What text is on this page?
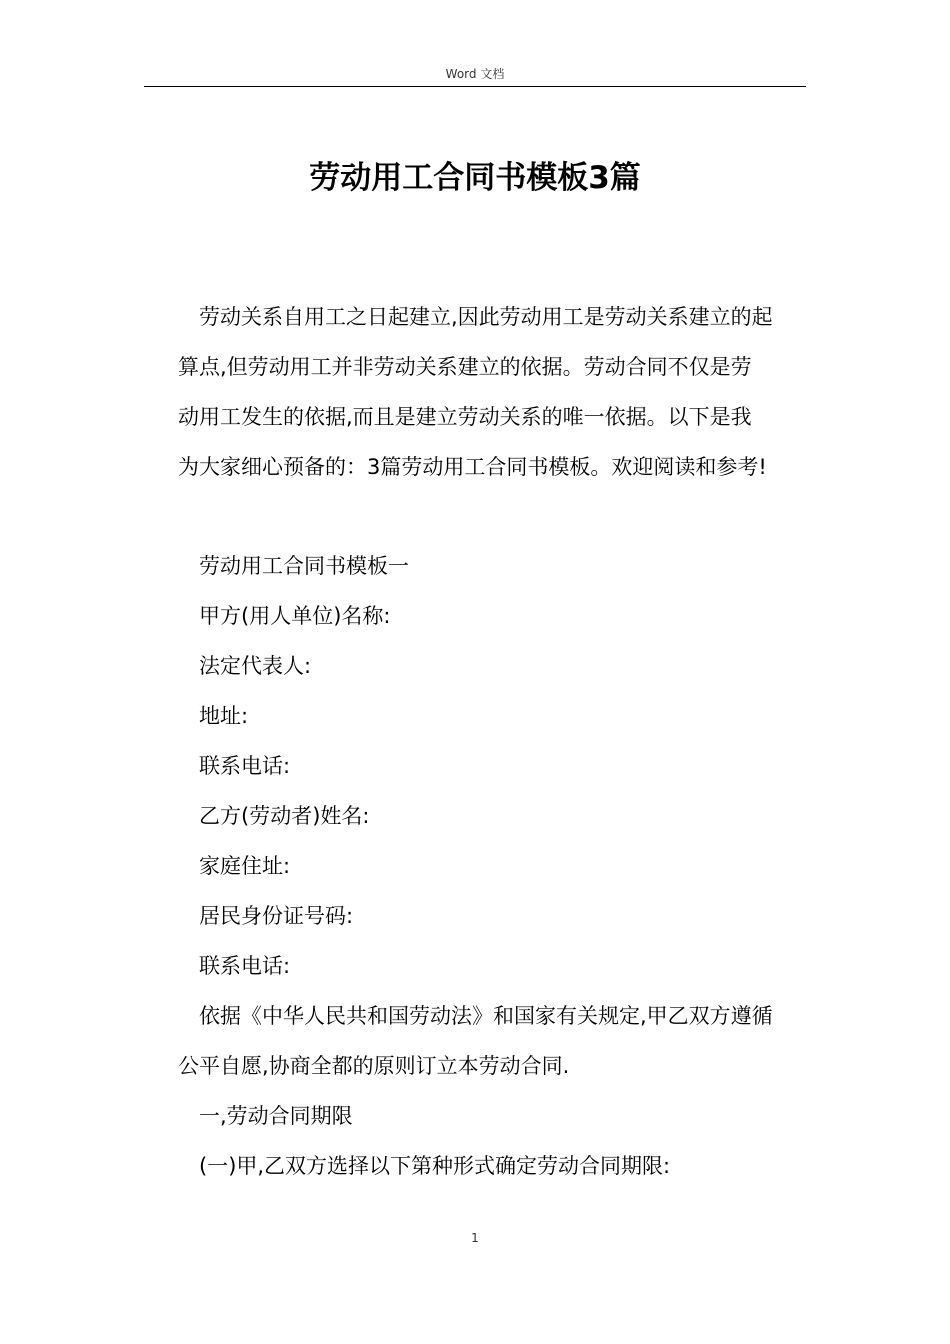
Word 文档
劳动用工合同书模板3篇

劳动关系自用工之日起建立,因此劳动用工是劳动关系建立的起
算点,但劳动用工并非劳动关系建立的依据。劳动合同不仅是劳
动用工发生的依据,而且是建立劳动关系的唯一依据。以下是我
为大家细心预备的：3篇劳动用工合同书模板。欢迎阅读和参考!

劳动用工合同书模板一
甲方(用人单位)名称:
法定代表人:
地址:
联系电话:
乙方(劳动者)姓名:
家庭住址:
居民身份证号码:
联系电话:
依据《中华人民共和国劳动法》和国家有关规定,甲乙双方遵循
公平自愿,协商全都的原则订立本劳动合同.
一,劳动合同期限
(一)甲,乙双方选择以下第种形式确定劳动合同期限:
1
